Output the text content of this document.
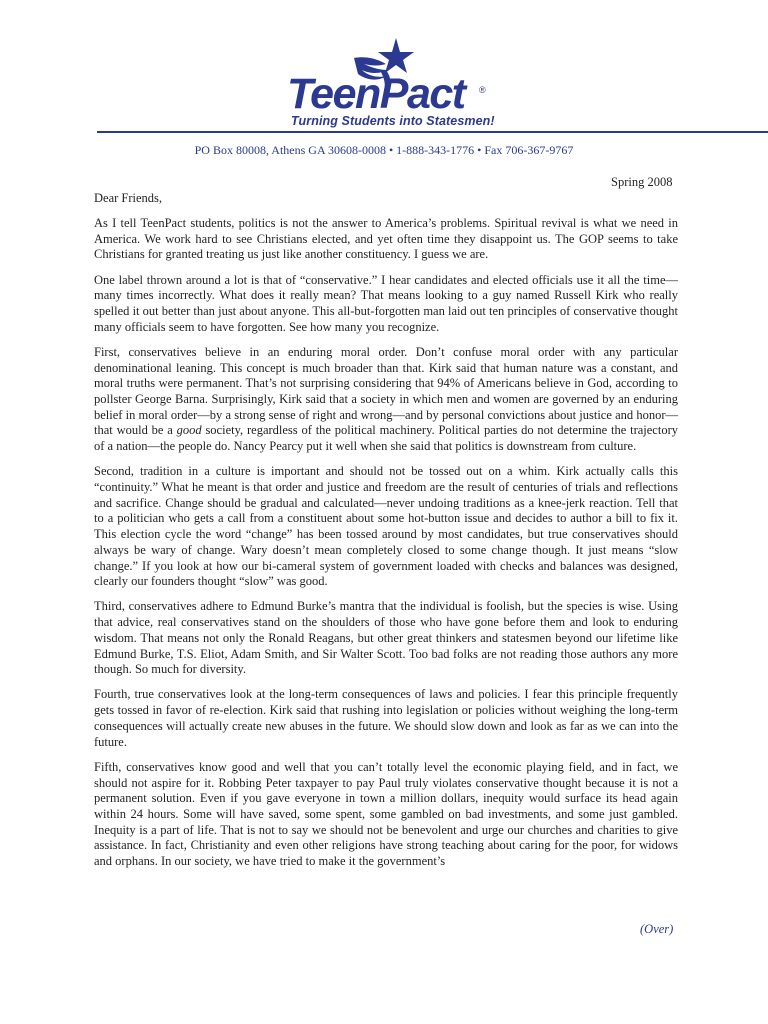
TeenPact ®
Turning Students into Statesmen!
PO Box 80008, Athens GA 30608-0008 • 1-888-343-1776 • Fax 706-367-9767
Spring 2008
Dear Friends,

As I tell TeenPact students, politics is not the answer to America’s problems. Spiritual revival is what we need in America. We work hard to see Christians elected, and yet often time they disappoint us. The GOP seems to take Christians for granted treating us just like another constituency. I guess we are.

One label thrown around a lot is that of “conservative.” I hear candidates and elected officials use it all the time—many times incorrectly. What does it really mean? That means looking to a guy named Russell Kirk who really spelled it out better than just about anyone. This all-but-forgotten man laid out ten principles of conservative thought many officials seem to have forgotten. See how many you recognize.

First, conservatives believe in an enduring moral order. Don’t confuse moral order with any particular denominational leaning. This concept is much broader than that. Kirk said that human nature was a constant, and moral truths were permanent. That’s not surprising considering that 94% of Americans believe in God, according to pollster George Barna. Surprisingly, Kirk said that a society in which men and women are governed by an enduring belief in moral order—by a strong sense of right and wrong—and by personal convictions about justice and honor—that would be a good society, regardless of the political machinery. Political parties do not determine the trajectory of a nation—the people do. Nancy Pearcy put it well when she said that politics is downstream from culture.

Second, tradition in a culture is important and should not be tossed out on a whim. Kirk actually calls this “continuity.” What he meant is that order and justice and freedom are the result of centuries of trials and reflections and sacrifice. Change should be gradual and calculated—never undoing traditions as a knee-jerk reaction. Tell that to a politician who gets a call from a constituent about some hot-button issue and decides to author a bill to fix it. This election cycle the word “change” has been tossed around by most candidates, but true conservatives should always be wary of change. Wary doesn’t mean completely closed to some change though. It just means “slow change.” If you look at how our bi-cameral system of government loaded with checks and balances was designed, clearly our founders thought “slow” was good.

Third, conservatives adhere to Edmund Burke’s mantra that the individual is foolish, but the species is wise. Using that advice, real conservatives stand on the shoulders of those who have gone before them and look to enduring wisdom. That means not only the Ronald Reagans, but other great thinkers and statesmen beyond our lifetime like Edmund Burke, T.S. Eliot, Adam Smith, and Sir Walter Scott. Too bad folks are not reading those authors any more though. So much for diversity.

Fourth, true conservatives look at the long-term consequences of laws and policies. I fear this principle frequently gets tossed in favor of re-election. Kirk said that rushing into legislation or policies without weighing the long-term consequences will actually create new abuses in the future. We should slow down and look as far as we can into the future.

Fifth, conservatives know good and well that you can’t totally level the economic playing field, and in fact, we should not aspire for it. Robbing Peter taxpayer to pay Paul truly violates conservative thought because it is not a permanent solution. Even if you gave everyone in town a million dollars, inequity would surface its head again within 24 hours. Some will have saved, some spent, some gambled on bad investments, and some just gambled. Inequity is a part of life. That is not to say we should not be benevolent and urge our churches and charities to give assistance. In fact, Christianity and even other religions have strong teaching about caring for the poor, for widows and orphans. In our society, we have tried to make it the government’s

(Over)
